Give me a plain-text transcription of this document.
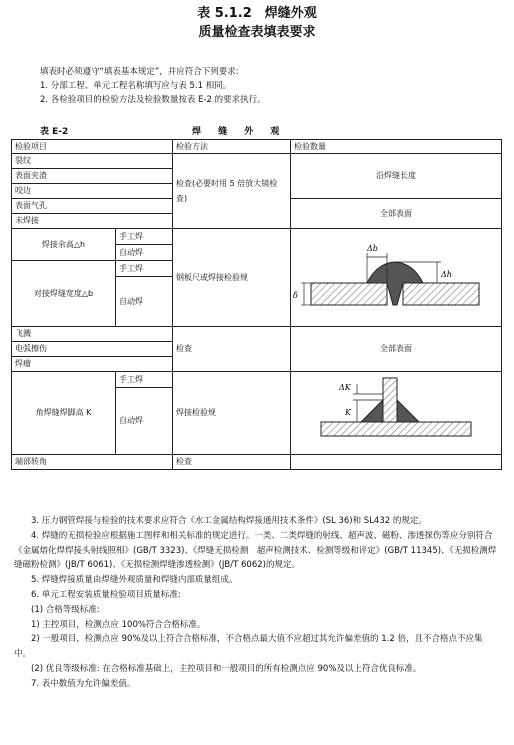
表 5.1.2　焊缝外观
质量检查表填表要求
填表时必须遵守“填表基本规定”，并应符合下列要求:
1. 分部工程、单元工程名称填写应与表 5.1 相同。
2. 各检验项目的检验方法及检验数量按表 E-2 的要求执行。
表 E-2	焊 缝 外 观
检验项目		检验方法	检验数量
裂纹		检查(必要时用 5 倍放大镜检查)	沿焊缝长度
表面夹渣			
咬边			
表面气孔			全部表面
未焊接			
焊接余高△h	手工焊	钢板尺或焊接检验规	Δb
Δh
δ

	自动焊		
对接焊缝宽度△b	手工焊		
	自动焊		
飞溅		检查	全部表面
电弧擦伤			
焊瘤			
角焊缝焊脚高 K	手工焊	焊接检验规	K
ΔK

	自动焊		
端部转角		检查	

　　3. 压力钢管焊接与检验的技术要求应符合《水工金属结构焊接通用技术条件》(SL 36)和 SL432 的规定。

　　4. 焊缝的无损检验应根据施工图样和相关标准的规定进行。一类、二类焊缝的射线、超声波、磁粉、渗透探伤等应分别符合《金属熔化焊焊接头射线照相》(GB/T 3323)、《焊缝无损检测　超声检测技术、检测等级和评定》(GB/T 11345)、《无损检测焊缝磁粉检测》(JB/T 6061)、《无损检测焊缝渗透检测》(JB/T 6062)的规定。

　　5. 焊缝焊接质量由焊缝外观质量和焊缝内部质量组成。

　　6. 单元工程安装质量检验项目质量标准:

　　(1) 合格等级标准:

　　1) 主控项目，检测点应 100%符合合格标准。

　　2) 一般项目，检测点应 90%及以上符合合格标准，不合格点最大值不应超过其允许偏差值的 1.2 倍，且不合格点不应集中。

　　(2) 优良等级标准: 在合格标准基础上，主控项目和一般项目的所有检测点应 90%及以上符合优良标准。

　　7. 表中数值为允许偏差值。
